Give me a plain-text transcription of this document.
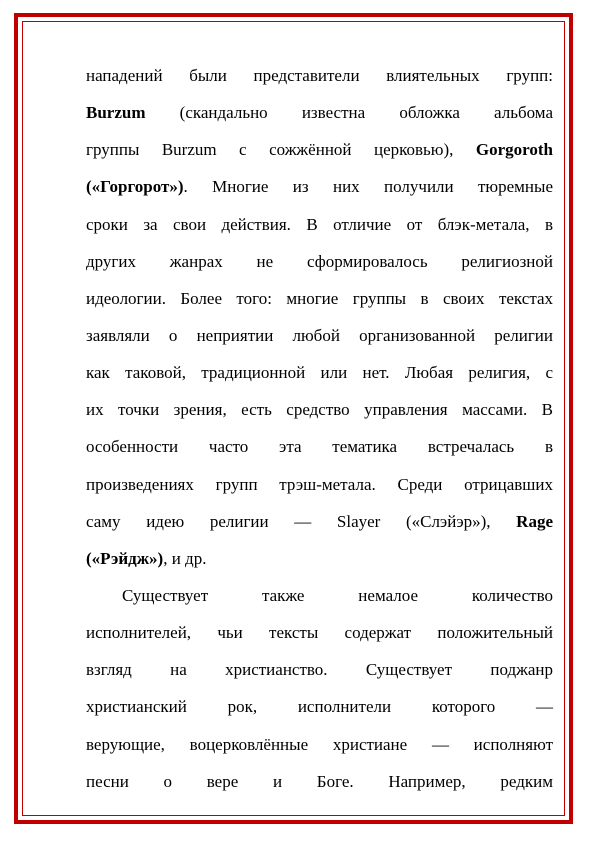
нападений были представители влиятельных групп:
Burzum (скандально известна обложка альбома
группы Burzum с сожжённой церковью), Gorgoroth
(«Горгорот»). Многие из них получили тюремные
сроки за свои действия. В отличие от блэк-метала, в
других жанрах не сформировалось религиозной
идеологии. Более того: многие группы в своих текстах
заявляли о неприятии любой организованной религии
как таковой, традиционной или нет. Любая религия, с
их точки зрения, есть средство управления массами. В
особенности часто эта тематика встречалась в
произведениях групп трэш-метала. Среди отрицавших
саму идею религии — Slayer («Слэйэр»), Rage
(«Рэйдж»), и др.
Существует также немалое количество
исполнителей, чьи тексты содержат положительный
взгляд на христианство. Существует поджанр
христианский рок, исполнители которого —
верующие, воцерковлённые христиане — исполняют
песни о вере и Боге. Например, редким
